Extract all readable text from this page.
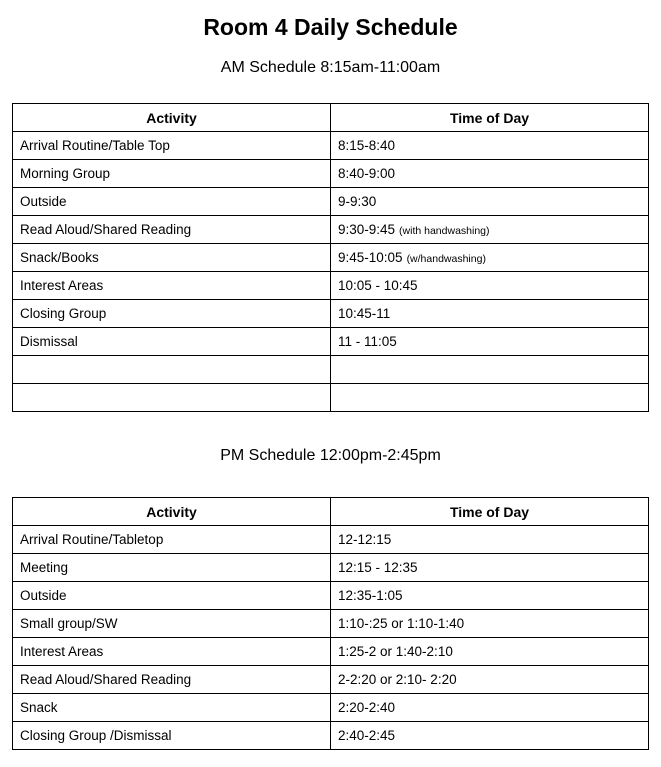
Room 4 Daily Schedule
AM Schedule 8:15am-11:00am
Activity	Time of Day
Arrival Routine/Table Top	8:15-8:40
Morning Group	8:40-9:00
Outside	9-9:30
Read Aloud/Shared Reading	9:30-9:45 (with handwashing)
Snack/Books	9:45-10:05 (w/handwashing)
Interest Areas	10:05 - 10:45
Closing Group	10:45-11
Dismissal	11 - 11:05

PM Schedule 12:00pm-2:45pm
Activity	Time of Day
Arrival Routine/Tabletop	12-12:15
Meeting	12:15 - 12:35
Outside	12:35-1:05
Small group/SW	1:10-:25 or 1:10-1:40
Interest Areas	1:25-2 or 1:40-2:10
Read Aloud/Shared Reading	2-2:20 or 2:10- 2:20
Snack	2:20-2:40
Closing Group /Dismissal	2:40-2:45
